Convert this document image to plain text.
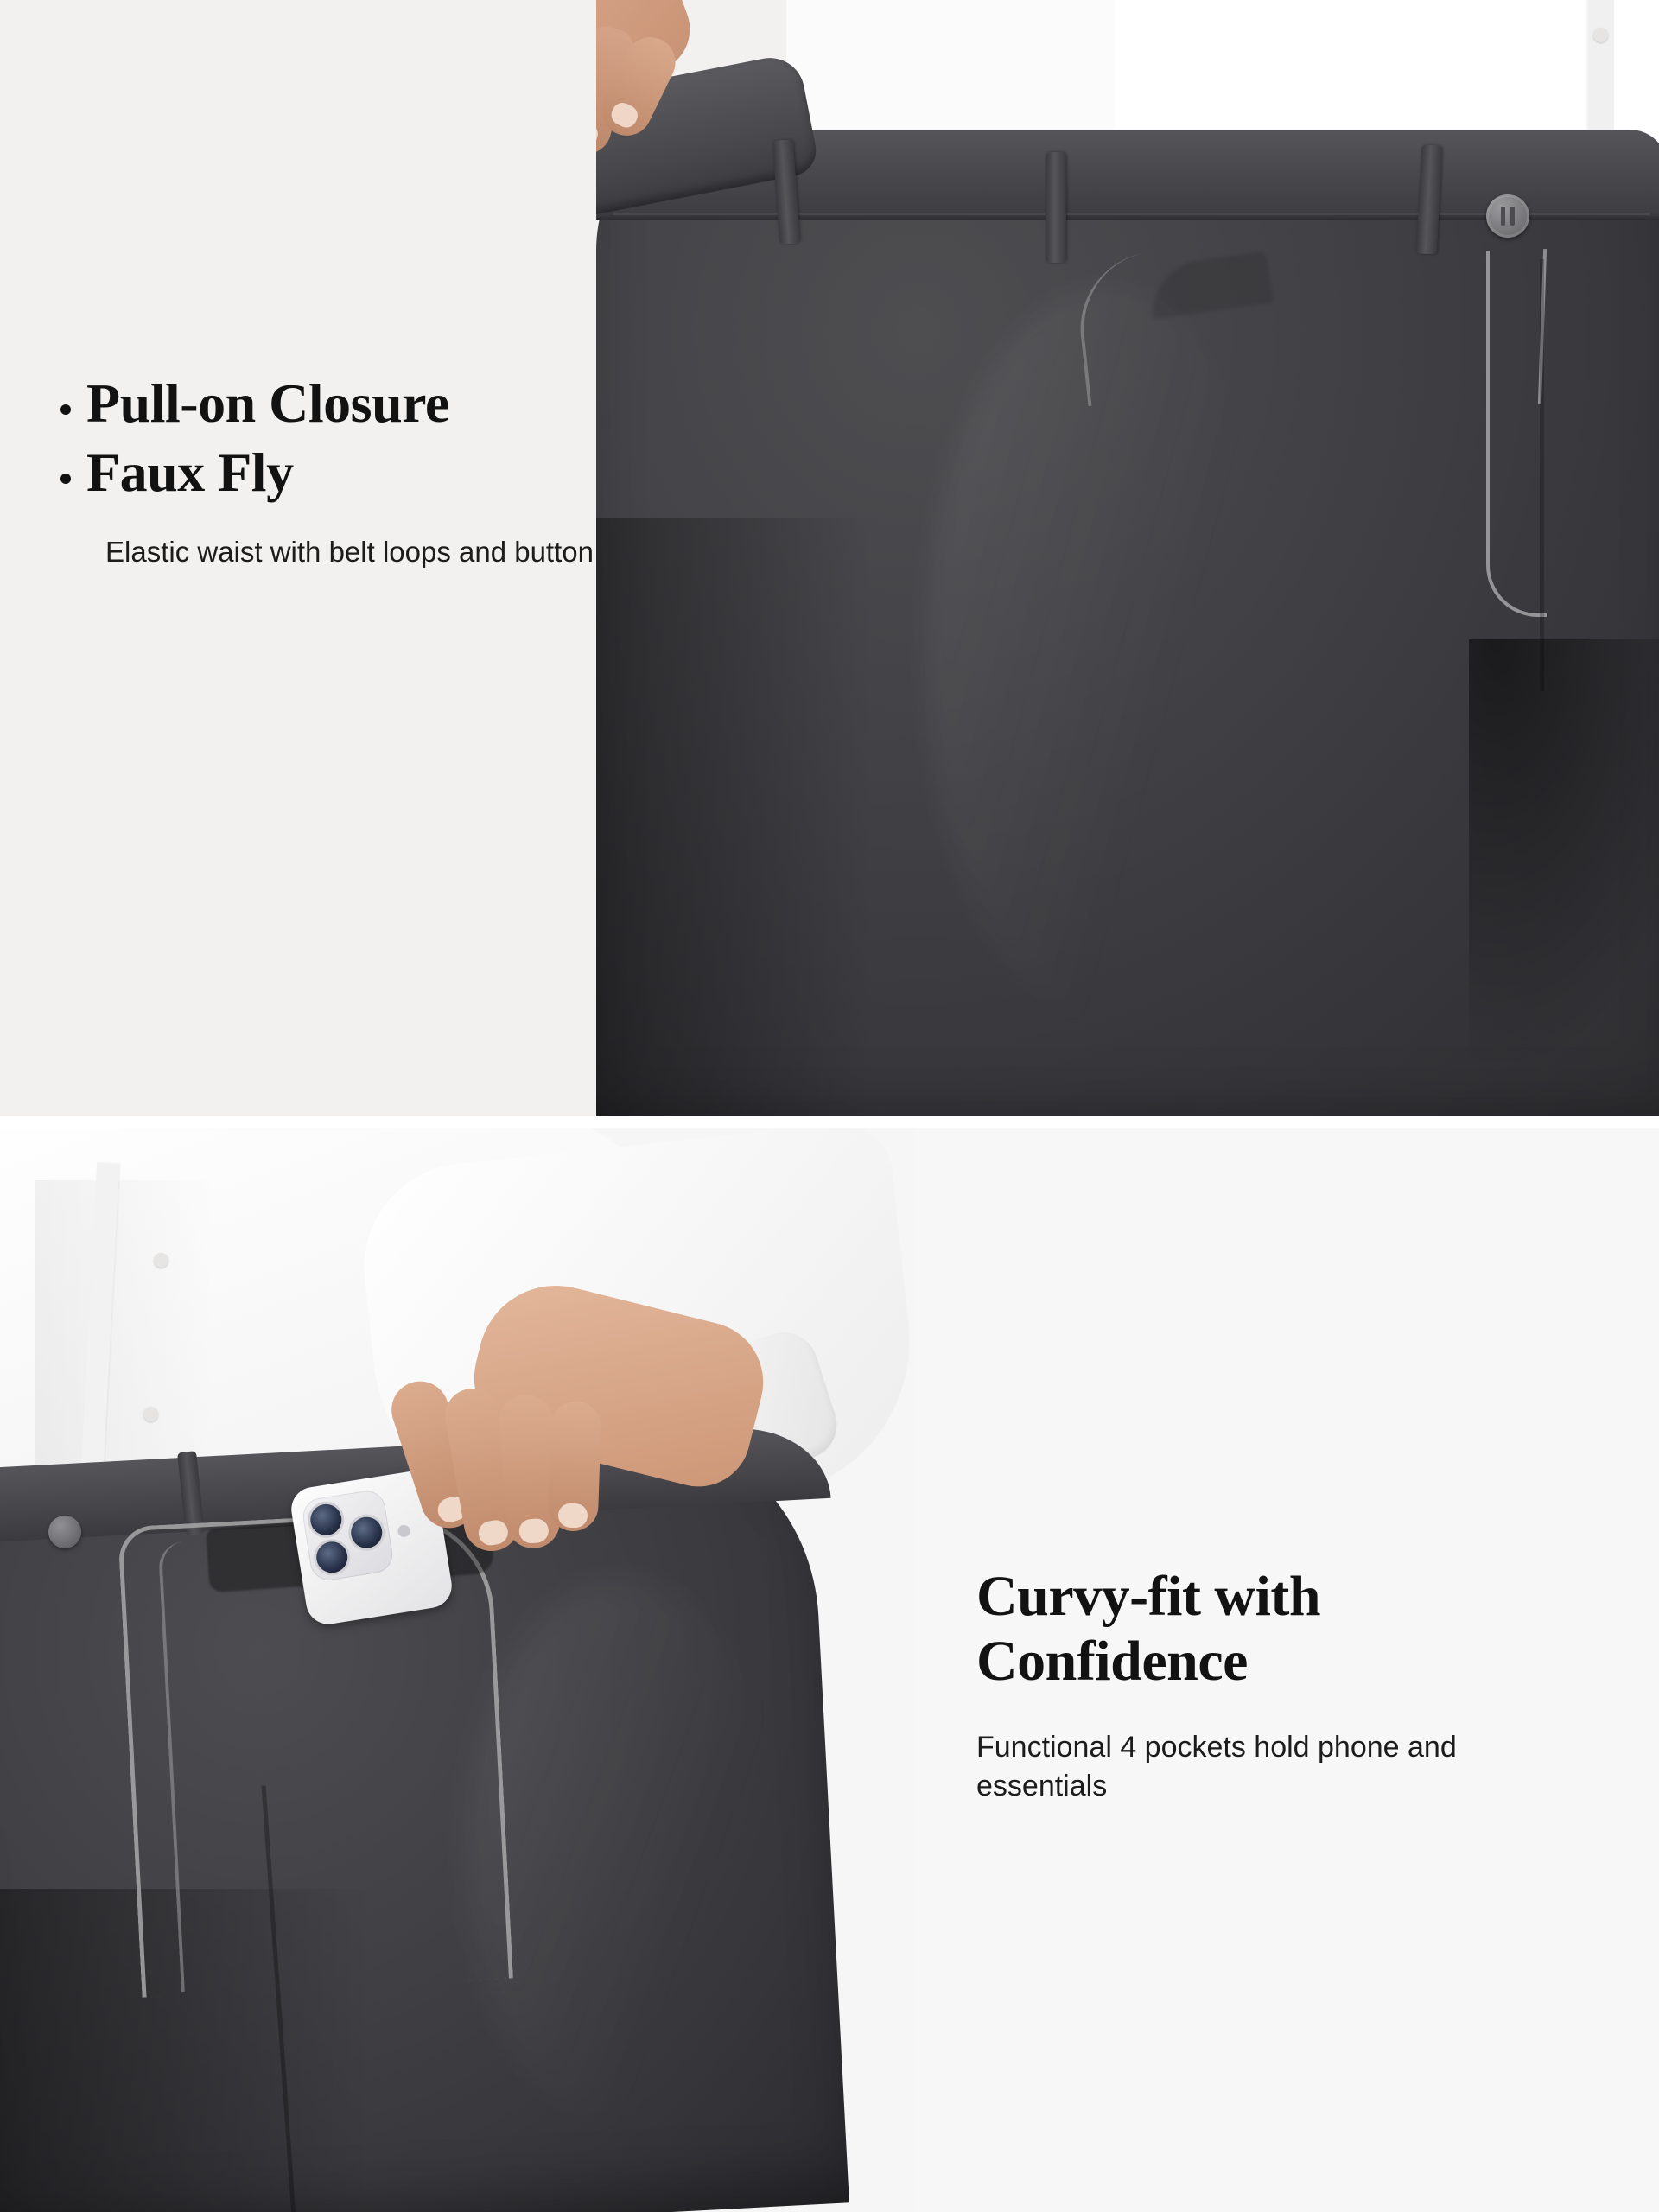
Pull-on Closure
Faux Fly
Elastic waist with belt loops and button
Curvy-fit with Confidence
Functional 4 pockets hold phone and essentials
